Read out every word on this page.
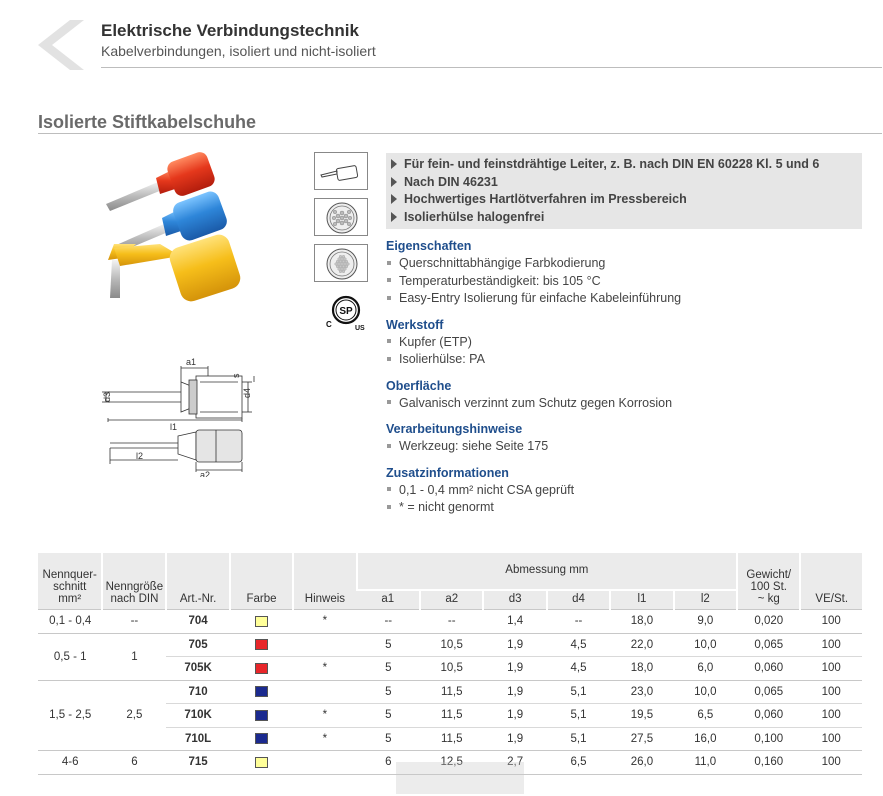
Elektrische Verbindungstechnik
Kabelverbindungen, isoliert und nicht-isoliert
Isolierte Stiftkabelschuhe
SP
C	US
a1
d3	d4
s
l1
l2
a2
Für fein- und feinstdrähtige Leiter, z. B. nach DIN EN 60228 Kl. 5 und 6
Nach DIN 46231
Hochwertiges Hartlötverfahren im Pressbereich
Isolierhülse halogenfrei
Eigenschaften
Querschnittabhängige Farbkodierung
Temperaturbeständigkeit: bis 105 °C
Easy-Entry Isolierung für einfache Kabeleinführung
Werkstoff
Kupfer (ETP)
Isolierhülse: PA
Oberfläche
Galvanisch verzinnt zum Schutz gegen Korrosion
Verarbeitungshinweise
Werkzeug: siehe Seite 175
Zusatzinformationen
0,1 - 0,4 mm² nicht CSA geprüft
* = nicht genormt
Nennquer-
schnitt
mm²	Nenngröße
nach DIN	Art.-Nr.	Farbe	Hinweis	Abmessung mm						Gewicht/
100 St.
~ kg	VE/St.
					a1	a2	d3	d4	l1	l2		
0,1 - 0,4	--	704		*	--	--	1,4	--	18,0	9,0	0,020	100
0,5 - 1	1	705			5	10,5	1,9	4,5	22,0	10,0	0,065	100
		705K		*	5	10,5	1,9	4,5	18,0	6,0	0,060	100
1,5 - 2,5	2,5	710			5	11,5	1,9	5,1	23,0	10,0	0,065	100
		710K		*	5	11,5	1,9	5,1	19,5	6,5	0,060	100
		710L		*	5	11,5	1,9	5,1	27,5	16,0	0,100	100
4-6	6	715			6	12,5	2,7	6,5	26,0	11,0	0,160	100
